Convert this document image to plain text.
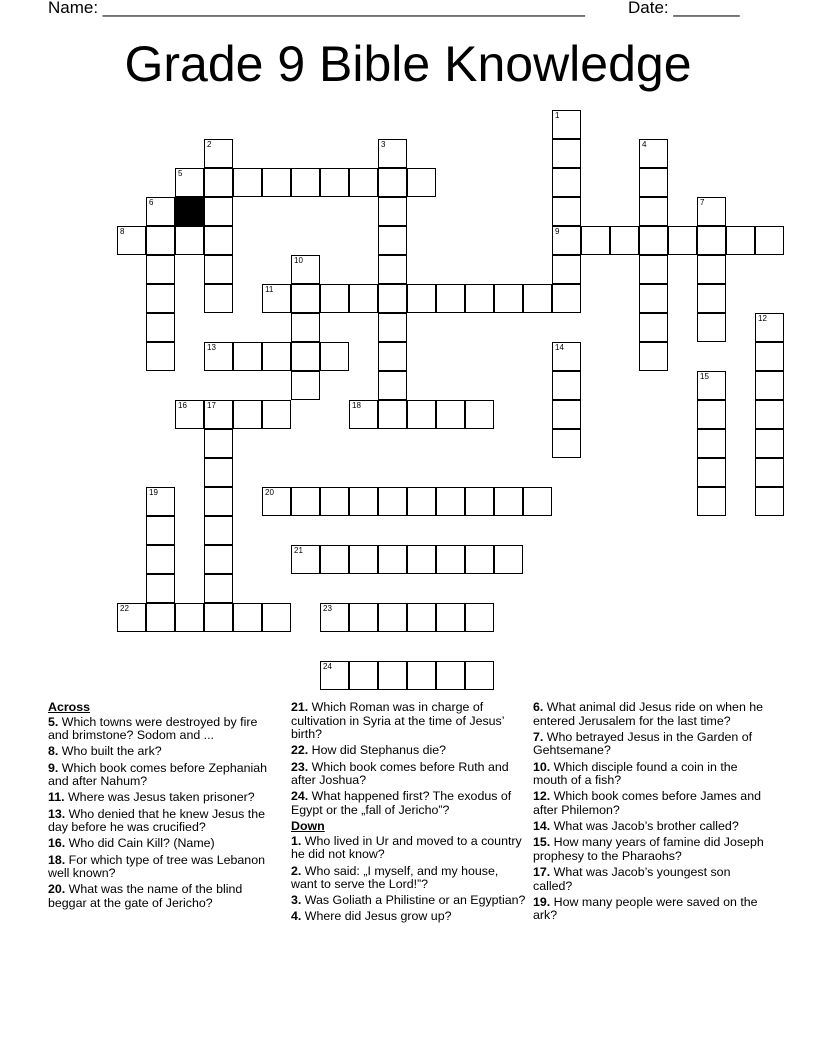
Name: ___________________________________________________	Date: _______
Grade 9 Bible Knowledge
5
8	9
11
13
16	17	18
20
21
22	23
24
1
2	3	4
6	7
10
12
14
15
19
Across
5. Which towns were destroyed by fire and brimstone? Sodom and ...
8. Who built the ark?
9. Which book comes before Zephaniah and after Nahum?
11. Where was Jesus taken prisoner?
13. Who denied that he knew Jesus the day before he was crucified?
16. Who did Cain Kill? (Name)
18. For which type of tree was Lebanon well known?
20. What was the name of the blind beggar at the gate of Jericho?
21. Which Roman was in charge of cultivation in Syria at the time of Jesus’ birth?
22. How did Stephanus die?
23. Which book comes before Ruth and after Joshua?
24. What happened first? The exodus of Egypt or the „fall of Jericho”?
Down
1. Who lived in Ur and moved to a country he did not know?
2. Who said: „I myself, and my house, want to serve the Lord!”?
3. Was Goliath a Philistine or an Egyptian?
4. Where did Jesus grow up?
6. What animal did Jesus ride on when he entered Jerusalem for the last time?
7. Who betrayed Jesus in the Garden of Gehtsemane?
10. Which disciple found a coin in the mouth of a fish?
12. Which book comes before James and after Philemon?
14. What was Jacob’s brother called?
15. How many years of famine did Joseph prophesy to the Pharaohs?
17. What was Jacob’s youngest son called?
19. How many people were saved on the ark?
